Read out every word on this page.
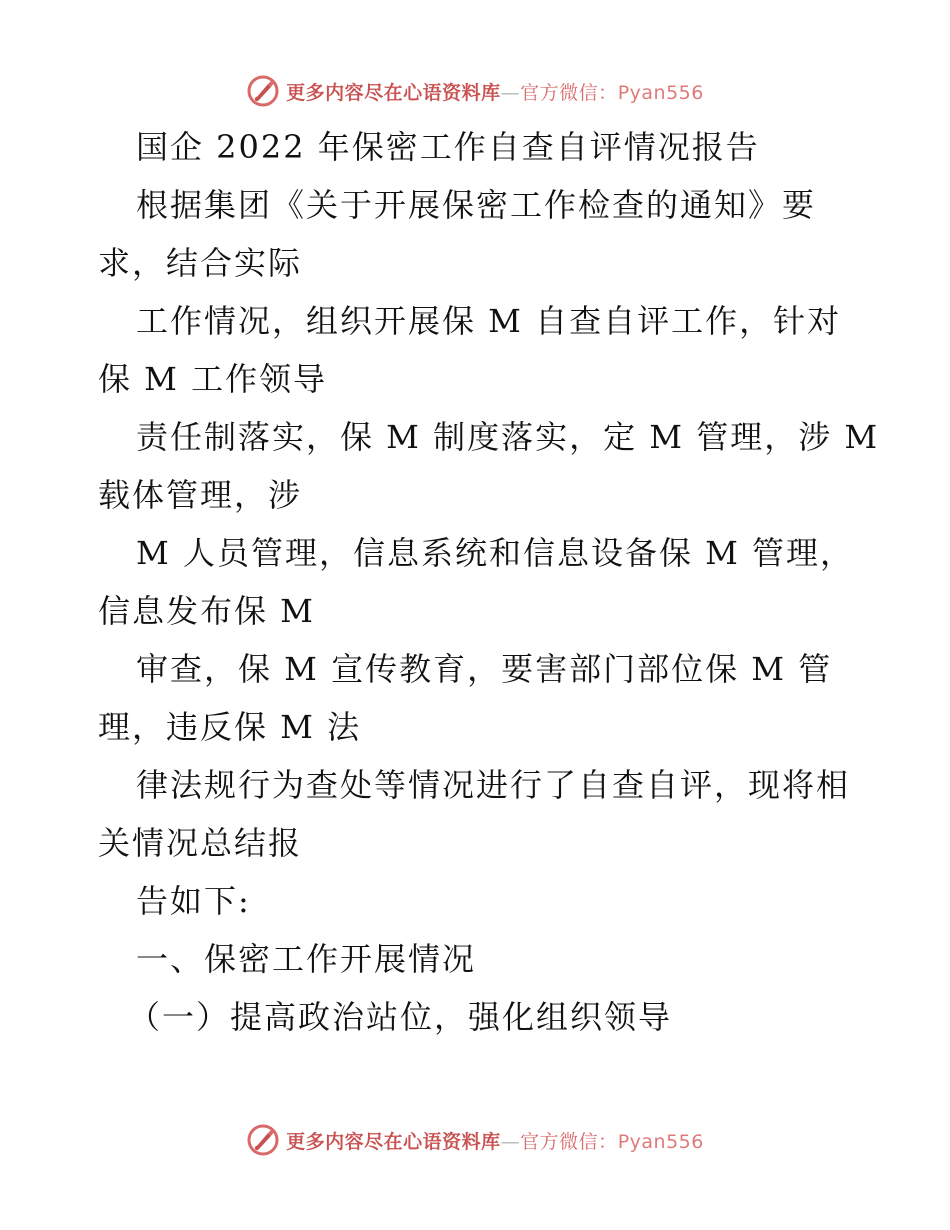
更多内容尽在心语资料库—官方微信：Pyan556
国企 2022 年保密工作自查自评情况报告
根据集团《关于开展保密工作检查的通知》要
求，结合实际
工作情况，组织开展保 M 自查自评工作，针对
保 M 工作领导
责任制落实，保 M 制度落实，定 M 管理，涉 M
载体管理，涉
M 人员管理，信息系统和信息设备保 M 管理，
信息发布保 M
审查，保 M 宣传教育，要害部门部位保 M 管
理，违反保 M 法
律法规行为查处等情况进行了自查自评，现将相
关情况总结报
告如下:
一、保密工作开展情况
（一）提高政治站位，强化组织领导
更多内容尽在心语资料库—官方微信：Pyan556
